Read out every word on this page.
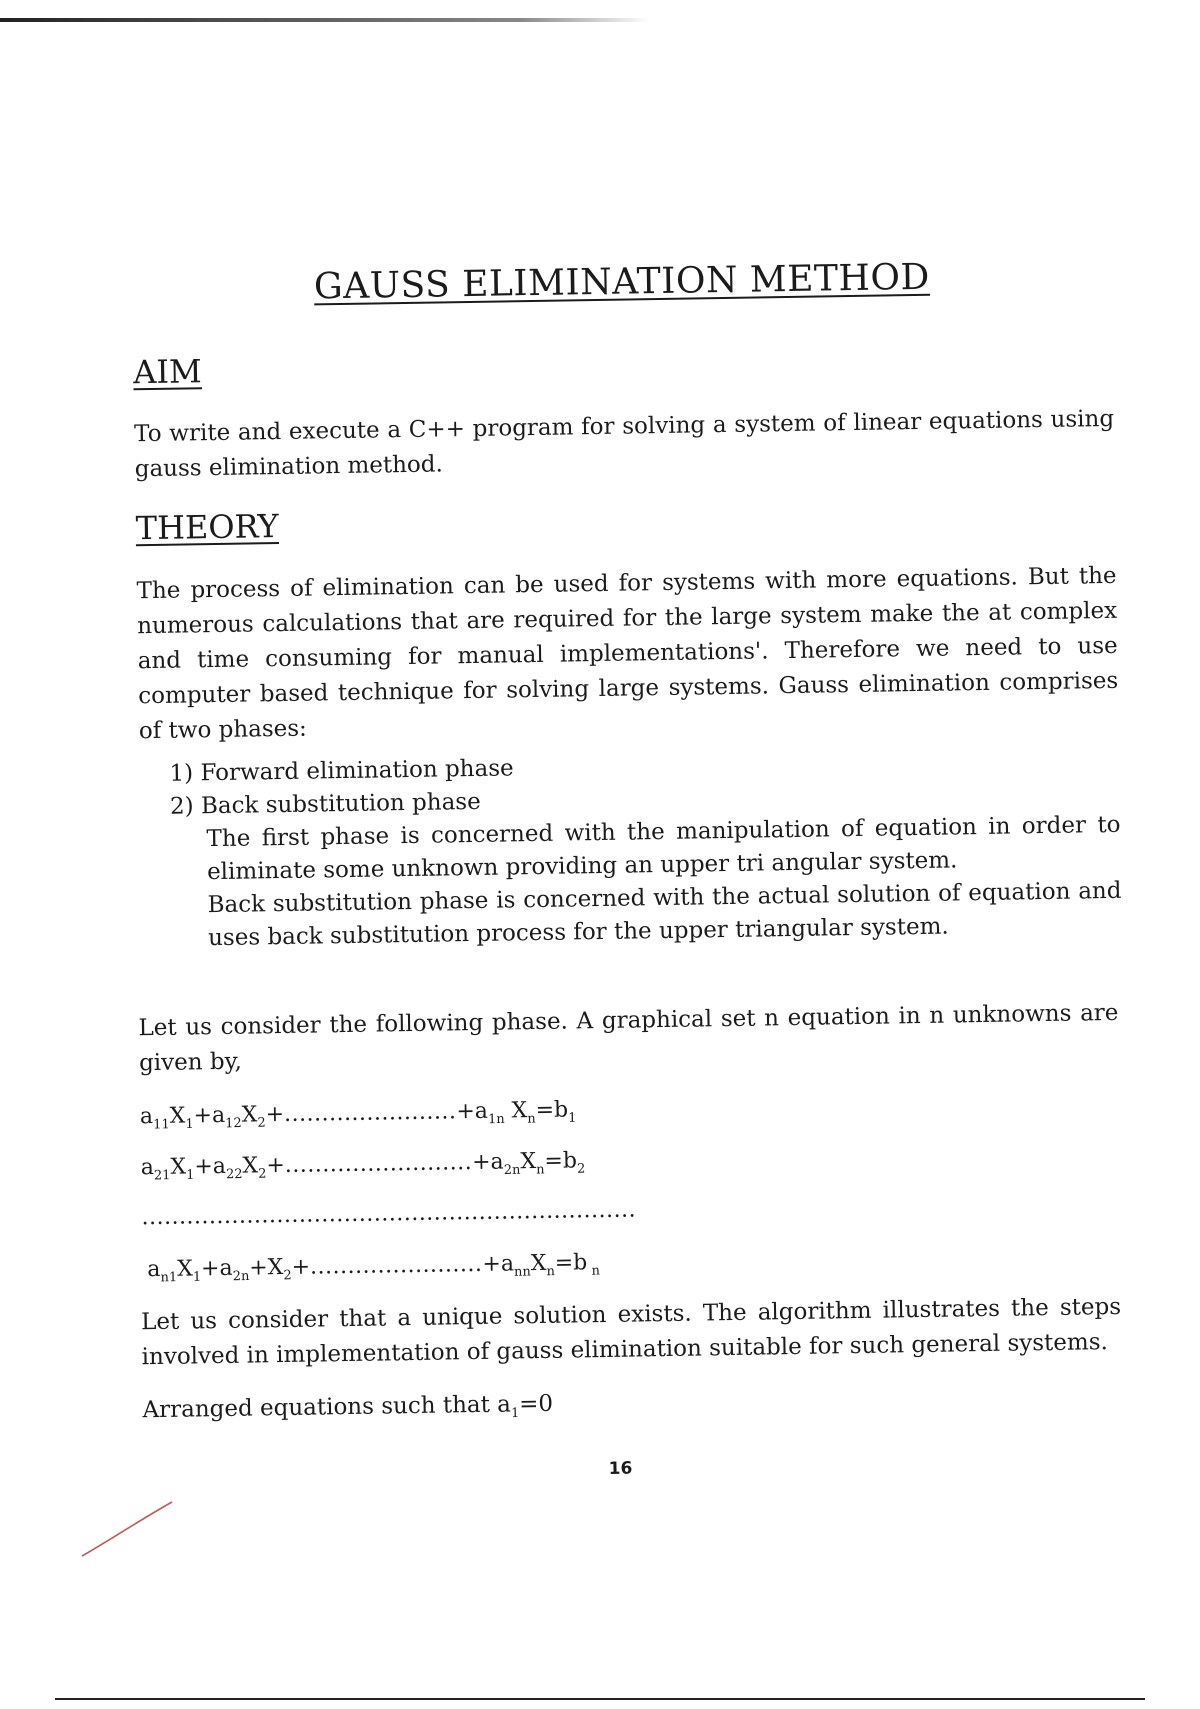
GAUSS ELIMINATION METHOD
AIM

To write and execute a C++ program for solving a system of linear equations using gauss elimination method.

THEORY

The process of elimination can be used for systems with more equations. But the numerous calculations that are required for the large system make the at complex and time consuming for manual implementations'. Therefore we need to use computer based technique for solving large systems. Gauss elimination comprises of two phases:

1) Forward elimination phase
2) Back substitution phase
The first phase is concerned with the manipulation of equation in order to eliminate some unknown providing an upper tri angular system.
Back substitution phase is concerned with the actual solution of equation and uses back substitution process for the upper triangular system.

Let us consider the following phase. A graphical set n equation in n unknowns are given by,

$a_{11}X_1+a_{12}X_2+.......................+a_{1n}$ $X_n=b_1$
$a_{21}X_1+a_{22}X_2+.........................+a_{2n}X_n=b_2$
..................................................................
$a_{n1}X_1+a_{2n}+X_2+.......................+a_{nn}X_n=b$ $_n$

Let us consider that a unique solution exists. The algorithm illustrates the steps involved in implementation of gauss elimination suitable for such general systems.

Arranged equations such that $a_1=0$
16
